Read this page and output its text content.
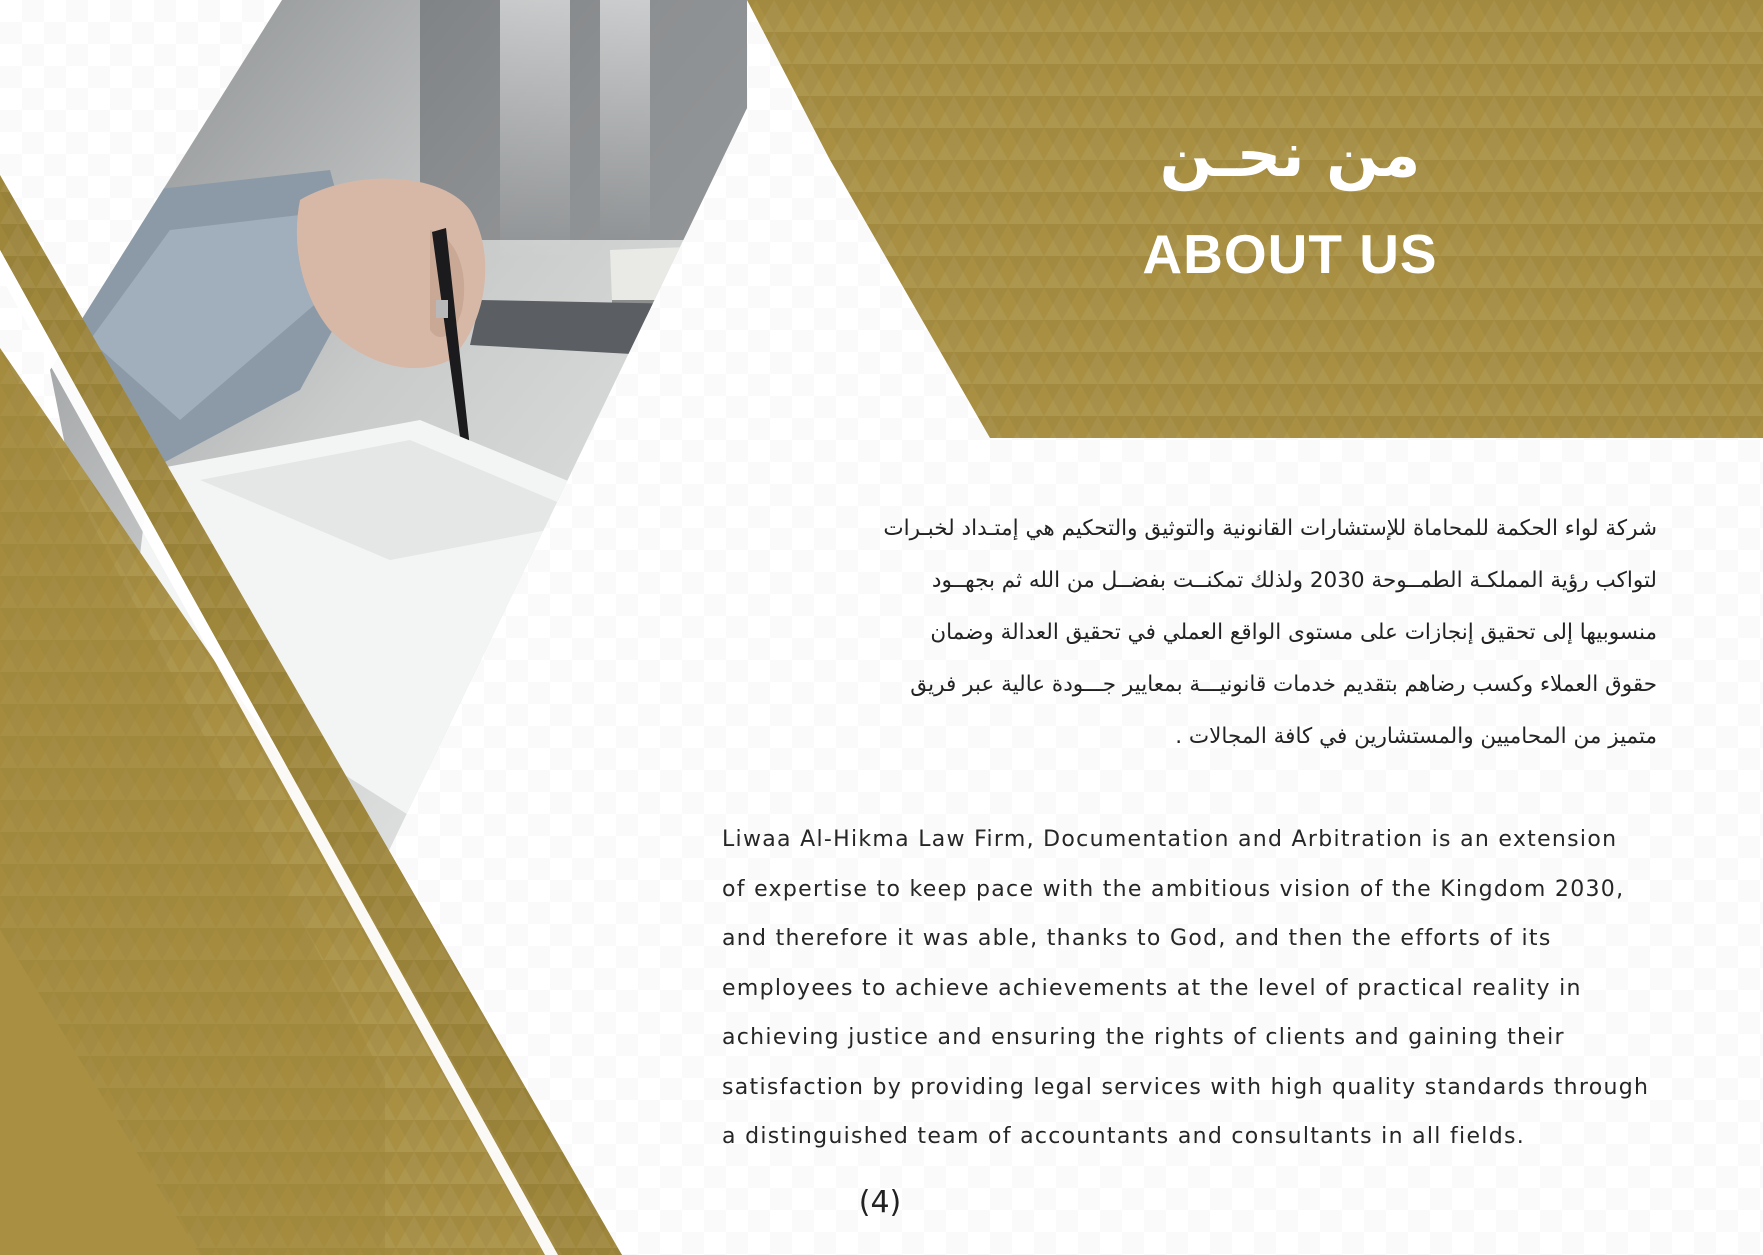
من نحـن
ABOUT US
شركة لواء الحكمة للمحاماة للإستشارات القانونية والتوثيق والتحكيم هي إمتـداد لخبـرات
لتواكب رؤية المملكـة الطمــوحة 2030 ولذلك تمكنــت بفضــل من الله ثم بجهــود
منسوبيها إلى تحقيق إنجازات على مستوى الواقع العملي في تحقيق العدالة وضمان
حقوق العملاء وكسب رضاهم بتقديم خدمات قانونيـــة بمعايير جـــودة عالية عبر فريق
متميز من المحاميين والمستشارين في كافة المجالات .
Liwaa Al-Hikma Law Firm, Documentation and Arbitration is an extension
of expertise to keep pace with the ambitious vision of the Kingdom 2030,
and therefore it was able, thanks to God, and then the efforts of its
employees to achieve achievements at the level of practical reality in
achieving justice and ensuring the rights of clients and gaining their
satisfaction by providing legal services with high quality standards through
a distinguished team of accountants and consultants in all fields.
(4)
